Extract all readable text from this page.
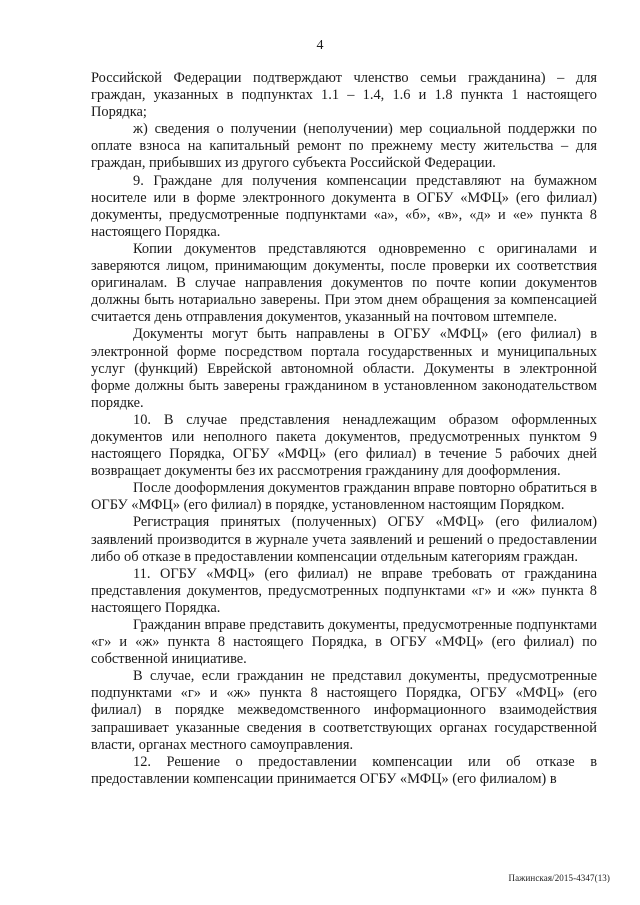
4

Российской Федерации подтверждают членство семьи гражданина) – для граждан, указанных в подпунктах 1.1 – 1.4, 1.6 и 1.8 пункта 1 настоящего Порядка;

ж) сведения о получении (неполучении) мер социальной поддержки по оплате взноса на капитальный ремонт по прежнему месту жительства – для граждан, прибывших из другого субъекта Российской Федерации.

9. Граждане для получения компенсации представляют на бумажном носителе или в форме электронного документа в ОГБУ «МФЦ» (его филиал) документы, предусмотренные подпунктами «а», «б», «в», «д» и «е» пункта 8 настоящего Порядка.

Копии документов представляются одновременно с оригиналами и заверяются лицом, принимающим документы, после проверки их соответствия оригиналам. В случае направления документов по почте копии документов должны быть нотариально заверены. При этом днем обращения за компенсацией считается день отправления документов, указанный на почтовом штемпеле.

Документы могут быть направлены в ОГБУ «МФЦ» (его филиал) в электронной форме посредством портала государственных и муниципальных услуг (функций) Еврейской автономной области. Документы в электронной форме должны быть заверены гражданином в установленном законодательством порядке.

10. В случае представления ненадлежащим образом оформленных документов или неполного пакета документов, предусмотренных пунктом 9 настоящего Порядка, ОГБУ «МФЦ» (его филиал) в течение 5 рабочих дней возвращает документы без их рассмотрения гражданину для дооформления.

После дооформления документов гражданин вправе повторно обратиться в ОГБУ «МФЦ» (его филиал) в порядке, установленном настоящим Порядком.

Регистрация принятых (полученных) ОГБУ «МФЦ» (его филиалом) заявлений производится в журнале учета заявлений и решений о предоставлении либо об отказе в предоставлении компенсации отдельным категориям граждан.

11. ОГБУ «МФЦ» (его филиал) не вправе требовать от гражданина представления документов, предусмотренных подпунктами «г» и «ж» пункта 8 настоящего Порядка.

Гражданин вправе представить документы, предусмотренные подпунктами «г» и «ж» пункта 8 настоящего Порядка, в ОГБУ «МФЦ» (его филиал) по собственной инициативе.

В случае, если гражданин не представил документы, предусмотренные подпунктами «г» и «ж» пункта 8 настоящего Порядка, ОГБУ «МФЦ» (его филиал) в порядке межведомственного информационного взаимодействия запрашивает указанные сведения в соответствующих органах государственной власти, органах местного самоуправления.

12. Решение о предоставлении компенсации или об отказе в предоставлении компенсации принимается ОГБУ «МФЦ» (его филиалом) в

Пажинская/2015-4347(13)
